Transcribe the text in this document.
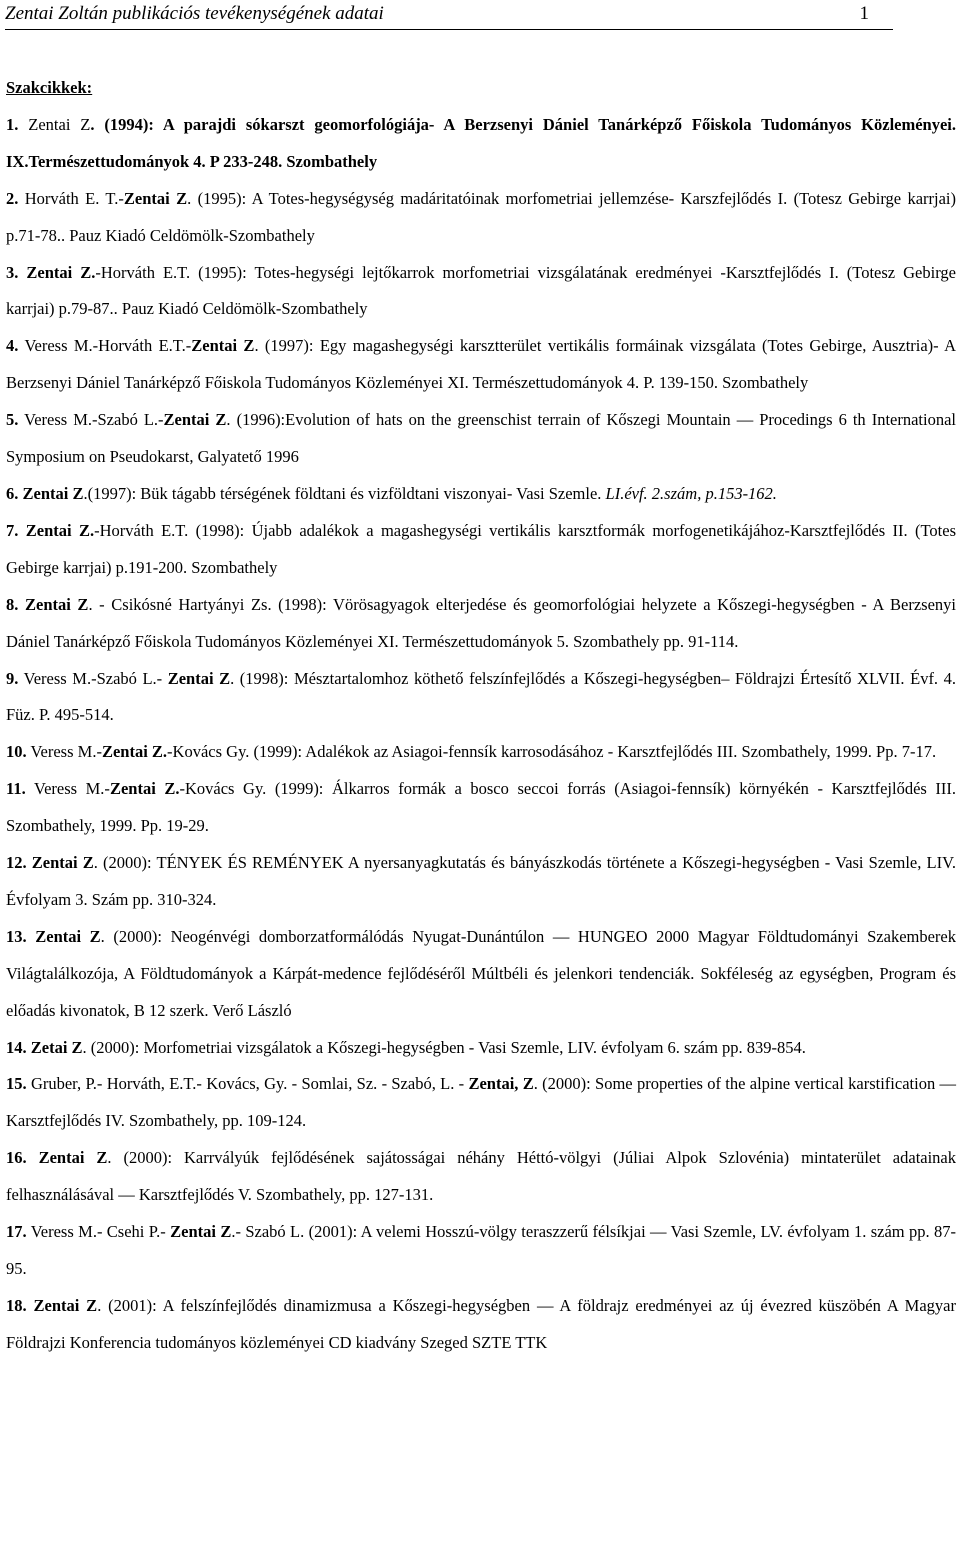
Zentai Zoltán publikációs tevékenységének adatai	1
Szakcikkek:
1. Zentai Z. (1994): A parajdi sókarszt geomorfológiája- A Berzsenyi Dániel Tanárképző Főiskola Tudományos Közleményei. IX.Természettudományok 4. P 233-248. Szombathely
2. Horváth E. T.-Zentai Z. (1995): A Totes-hegységység madáritatóinak morfometriai jellemzése- Karszfejlődés I. (Totesz Gebirge karrjai) p.71-78.. Pauz Kiadó Celdömölk-Szombathely
3. Zentai Z.-Horváth E.T. (1995): Totes-hegységi lejtőkarrok morfometriai vizsgálatának eredményei -Karsztfejlődés I. (Totesz Gebirge karrjai) p.79-87.. Pauz Kiadó Celdömölk-Szombathely
4. Veress M.-Horváth E.T.-Zentai Z. (1997): Egy magashegységi karsztterület vertikális formáinak vizsgálata (Totes Gebirge, Ausztria)- A Berzsenyi Dániel Tanárképző Főiskola Tudományos Közleményei XI. Természettudományok 4. P. 139-150. Szombathely
5. Veress M.-Szabó L.-Zentai Z. (1996):Evolution of hats on the greenschist terrain of Kőszegi Mountain — Procedings 6 th International Symposium on Pseudokarst, Galyatető 1996
6. Zentai Z.(1997): Bük tágabb térségének földtani és vizföldtani viszonyai- Vasi Szemle. LI.évf. 2.szám, p.153-162.
7. Zentai Z.-Horváth E.T. (1998): Újabb adalékok a magashegységi vertikális karsztformák morfogenetikájához-Karsztfejlődés II. (Totes Gebirge karrjai) p.191-200. Szombathely
8. Zentai Z. - Csikósné Hartyányi Zs. (1998): Vörösagyagok elterjedése és geomorfológiai helyzete a Kőszegi-hegységben - A Berzsenyi Dániel Tanárképző Főiskola Tudományos Közleményei XI. Természettudományok 5. Szombathely pp. 91-114.
9. Veress M.-Szabó L.- Zentai Z. (1998): Mésztartalomhoz köthető felszínfejlődés a Kőszegi-hegységben– Földrajzi Értesítő XLVII. Évf. 4. Füz. P. 495-514.
10. Veress M.-Zentai Z.-Kovács Gy. (1999): Adalékok az Asiagoi-fennsík karrosodásához - Karsztfejlődés III. Szombathely, 1999. Pp. 7-17.
11. Veress M.-Zentai Z.-Kovács Gy. (1999): Álkarros formák a bosco seccoi forrás (Asiagoi-fennsík) környékén - Karsztfejlődés III. Szombathely, 1999. Pp. 19-29.
12. Zentai Z. (2000): TÉNYEK ÉS REMÉNYEK A nyersanyagkutatás és bányászkodás története a Kőszegi-hegységben - Vasi Szemle, LIV. Évfolyam 3. Szám pp. 310-324.
13. Zentai Z. (2000): Neogénvégi domborzatformálódás Nyugat-Dunántúlon — HUNGEO 2000 Magyar Földtudományi Szakemberek Világtalálkozója, A Földtudományok a Kárpát-medence fejlődéséről Múltbéli és jelenkori tendenciák. Sokféleség az egységben, Program és előadás kivonatok, B 12 szerk. Verő László
14. Zetai Z. (2000): Morfometriai vizsgálatok a Kőszegi-hegységben - Vasi Szemle, LIV. évfolyam 6. szám pp. 839-854.
15. Gruber, P.- Horváth, E.T.- Kovács, Gy. - Somlai, Sz. - Szabó, L. - Zentai, Z. (2000): Some properties of the alpine vertical karstification — Karsztfejlődés IV. Szombathely, pp. 109-124.
16. Zentai Z. (2000): Karrvályúk fejlődésének sajátosságai néhány Héttó-völgyi (Júliai Alpok Szlovénia) mintaterület adatainak felhasználásával — Karsztfejlődés V. Szombathely, pp. 127-131.
17. Veress M.- Csehi P.- Zentai Z.- Szabó L. (2001): A velemi Hosszú-völgy teraszzerű félsíkjai — Vasi Szemle, LV. évfolyam 1. szám pp. 87-95.
18. Zentai Z. (2001): A felszínfejlődés dinamizmusa a Kőszegi-hegységben — A földrajz eredményei az új évezred küszöbén A Magyar Földrajzi Konferencia tudományos közleményei CD kiadvány Szeged SZTE TTK
